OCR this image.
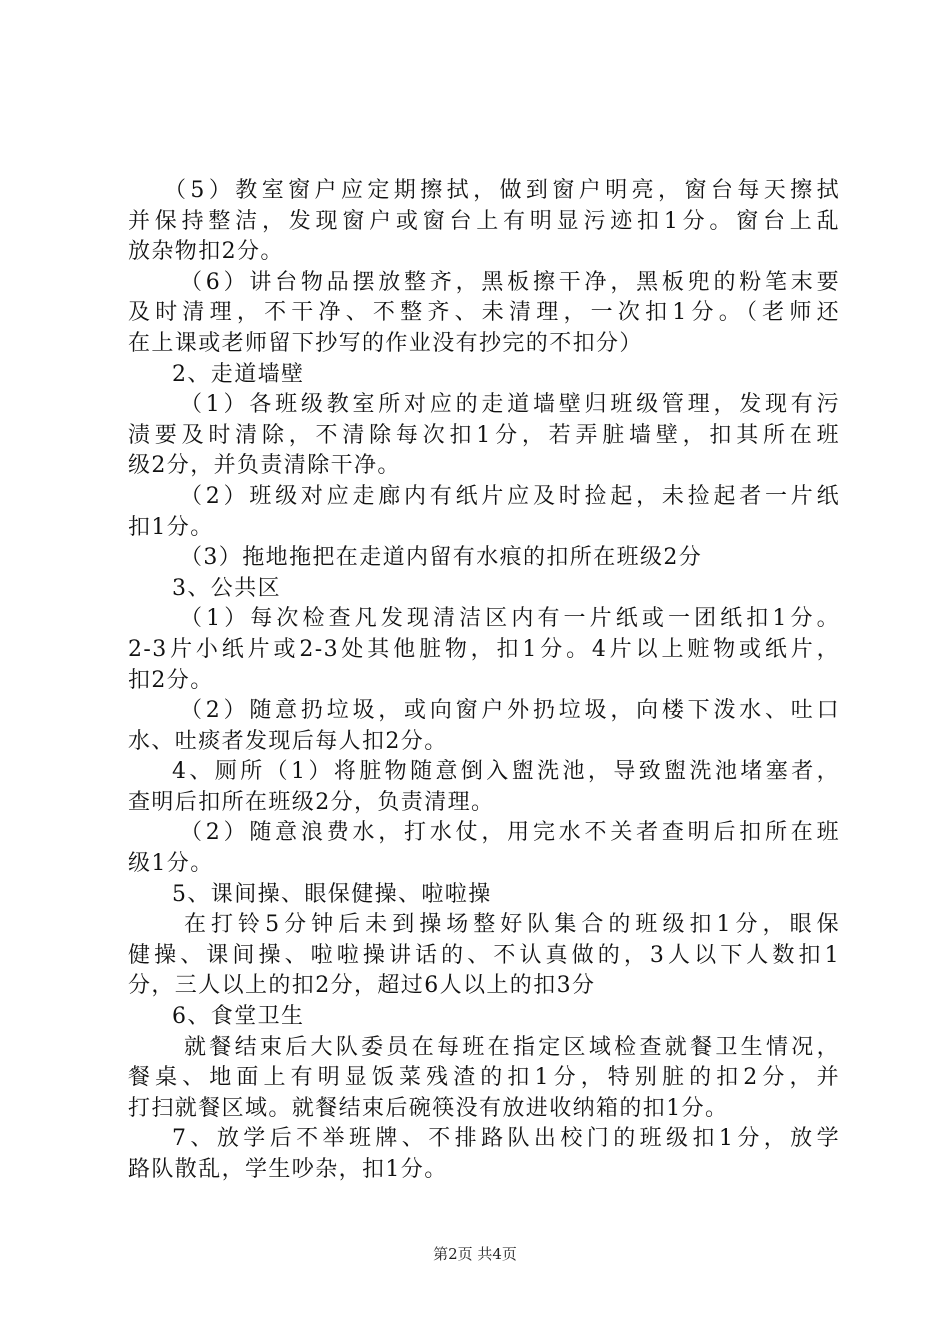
（5）教室窗户应定期擦拭，做到窗户明亮，窗台每天擦拭
并保持整洁，发现窗户或窗台上有明显污迹扣1分。窗台上乱
放杂物扣2分。
（6）讲台物品摆放整齐，黑板擦干净，黑板兜的粉笔末要
及时清理，不干净、不整齐、未清理，一次扣1分。（老师还
在上课或老师留下抄写的作业没有抄完的不扣分）
2、走道墙壁
（1）各班级教室所对应的走道墙壁归班级管理，发现有污
渍要及时清除，不清除每次扣1分，若弄脏墙壁，扣其所在班
级2分，并负责清除干净。
（2）班级对应走廊内有纸片应及时捡起，未捡起者一片纸
扣1分。
（3）拖地拖把在走道内留有水痕的扣所在班级2分
3、公共区
（1）每次检查凡发现清洁区内有一片纸或一团纸扣1分。
2-3片小纸片或2-3处其他脏物，扣1分。4片以上赃物或纸片，
扣2分。
（2）随意扔垃圾，或向窗户外扔垃圾，向楼下泼水、吐口
水、吐痰者发现后每人扣2分。
4、厕所（1）将脏物随意倒入盥洗池，导致盥洗池堵塞者，
查明后扣所在班级2分，负责清理。
（2）随意浪费水，打水仗，用完水不关者查明后扣所在班
级1分。
5、课间操、眼保健操、啦啦操
在打铃5分钟后未到操场整好队集合的班级扣1分，眼保
健操、课间操、啦啦操讲话的、不认真做的，3人以下人数扣1
分，三人以上的扣2分，超过6人以上的扣3分
6、食堂卫生
就餐结束后大队委员在每班在指定区域检查就餐卫生情况，
餐桌、地面上有明显饭菜残渣的扣1分，特别脏的扣2分，并
打扫就餐区域。就餐结束后碗筷没有放进收纳箱的扣1分。
7、放学后不举班牌、不排路队出校门的班级扣1分，放学
路队散乱，学生吵杂，扣1分。
第2页 共4页
